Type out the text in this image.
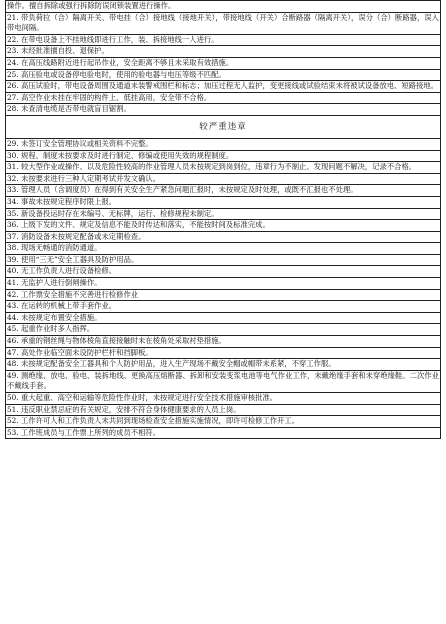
操作。擅自拆除或强行拆除防误闭锁装置进行操作。
21. 带负荷拉（合）隔离开关、带电挂（合）接地线（接地开关），带接地线（开关）合断路器（隔离开关），误分（合）断路器，误入带电间隔。
22. 在带电设备上不挂地线即进行工作，装、拆接地线一人进行。
23. 未经批准擅自投、退保护。
24. 在高压线路附近进行起吊作业，安全距离不够且未采取有效措施。
25. 高压验电或设备停电验电时，使用的验电器与电压等级不匹配。
26. 高压试验时，带电设备周围及通道未装警戒围栏和标志；加压过程无人监护，变更接线或试验结束未将被试设备放电、短路接地。
27. 高空作业未挂在牢固的构件上、低挂高用，安全带不合格。
28. 未查清电缆是否带电就盲目锯割。
较严重违章
29. 未签订安全管理协议或相关资料不完整。
30. 规程、制度未按要求及时进行制定、修编或使用失效的规程制度。
31. 较大型作业或操作、以及危险性较高的作业管理人员未按规定到岗到位，违章行为不制止、发现问题不解决，记录不合格。
32. 未按要求进行三种人定期考试并发文确认。
33. 管理人员（含调度员）在得到有关安全生产紧急问题汇报时，未按规定及时处理，或既不汇报也不处理。
34. 事故未按规定程序时限上报。
35. 新设备投运时存在未编号、无标牌，运行、检修规程未制定。
36. 上级下发的文件、规定及信息不能及时传达和落实，不能按时间及标准完成。
37. 消防设备未按规定配备或未定期检查。
38. 现场无畅通的消防通道。
39. 使用“三无”安全工器具及防护用品。
40. 无工作负责人进行设备检修。
41. 无监护人进行倒闸操作。
42. 工作票安全措施不完善进行检修作业
43. 在运转的机械上带手套作业。
44. 未按规定布置安全措施。
45. 起重作业时多人指挥。
46. 承重的钢丝绳与物体棱角直接接触时未在棱角处采取衬垫措施。
47. 高处作业临空面未设防护栏杆和挡脚板。
48. 未按规定配备安全工器具和个人防护用品，进入生产现场不戴安全帽或帽带未系紧，不穿工作服。
49. 测绝缘、放电、验电、装拆地线、更换高压熔断器、拆卸和安装变浆电池等电气作业工作，未戴绝缘手套和未穿绝缘鞋。二次作业不戴线手套。
50. 重大起重、高空和运输等危险性作业时，未按规定进行安全技术措施审核批准。
51. 违反职业禁忌症的有关规定，安排不符合身体健康要求的人员上岗。
52. 工作许可人和工作负责人未共同到现场检查安全措施实施情况，即许可检修工作开工。
53. 工作班成员与工作票上所列的成员不相符。
